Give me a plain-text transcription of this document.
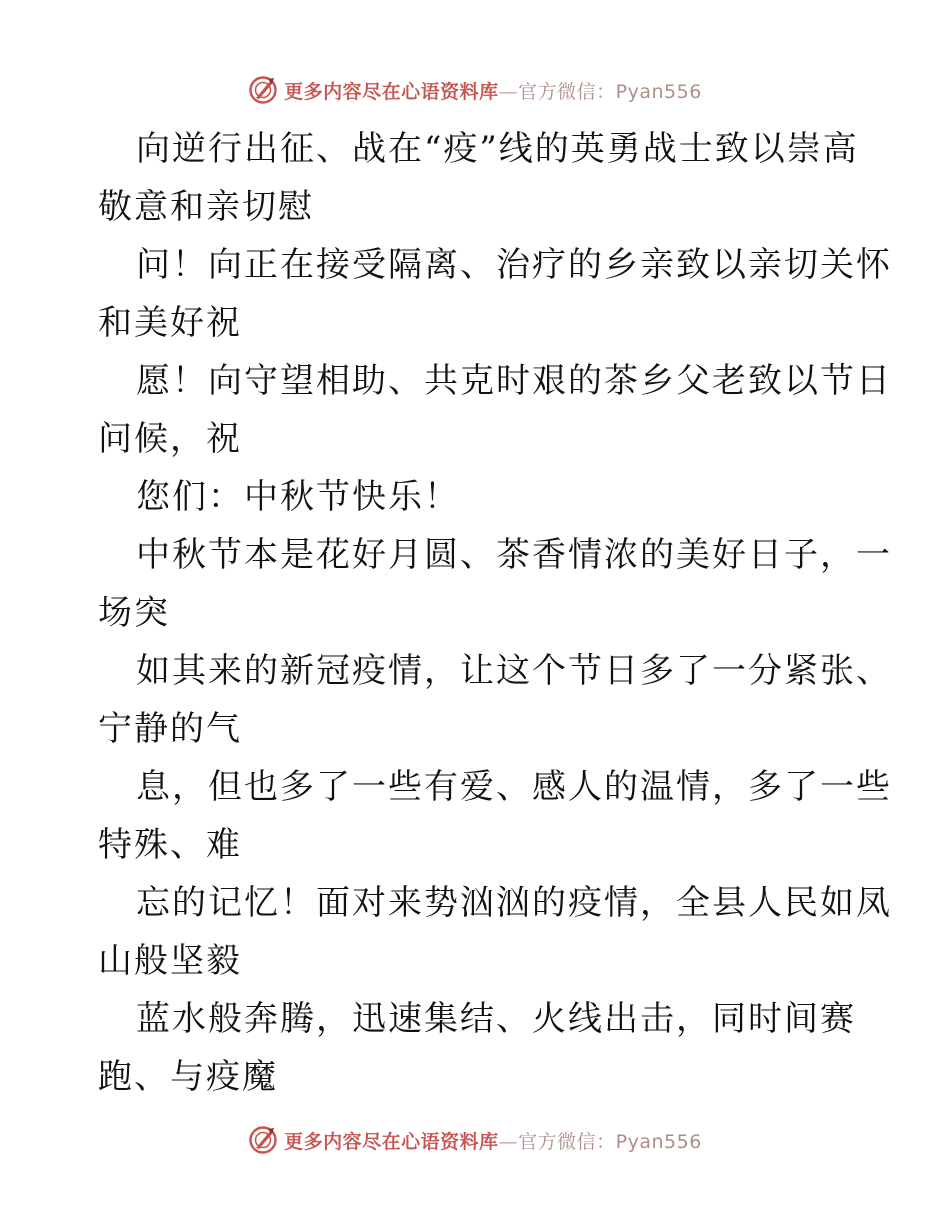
更多内容尽在心语资料库—官方微信：Pyan556

向逆行出征、战在“疫”线的英勇战士致以崇高
敬意和亲切慰

问！向正在接受隔离、治疗的乡亲致以亲切关怀
和美好祝

愿！向守望相助、共克时艰的茶乡父老致以节日
问候，祝

您们：中秋节快乐！

中秋节本是花好月圆、茶香情浓的美好日子，一
场突

如其来的新冠疫情，让这个节日多了一分紧张、
宁静的气

息，但也多了一些有爱、感人的温情，多了一些
特殊、难

忘的记忆！面对来势汹汹的疫情，全县人民如凤
山般坚毅

蓝水般奔腾，迅速集结、火线出击，同时间赛
跑、与疫魔

更多内容尽在心语资料库—官方微信：Pyan556
